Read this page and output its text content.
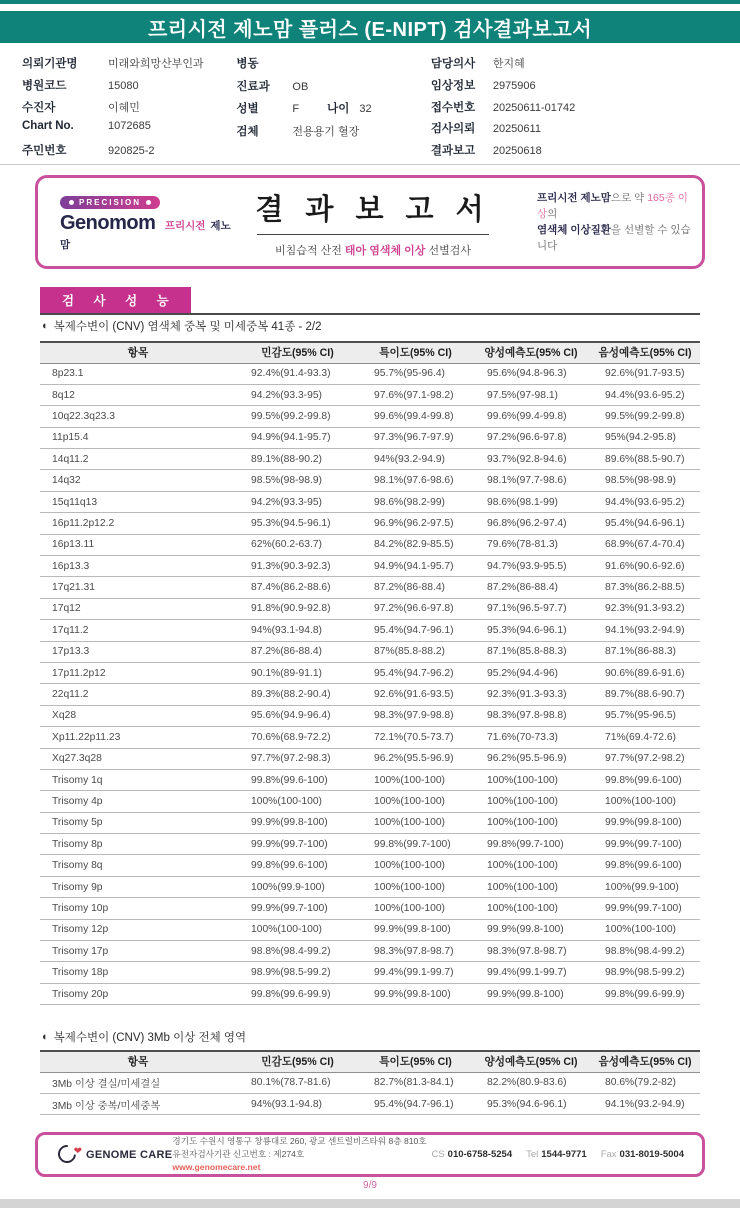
프리시전 제노맘 플러스 (E-NIPT) 검사결과보고서
의뢰기관명	미래와희망산부인과
병원코드	15080
수진자	이혜민
Chart No.	1072685
주민번호	920825-2
병동
진료과	OB
성별	F 나이 32
검체	전용용기 혈장
담당의사	한지혜
임상정보	2975906
접수번호	20250611-01742
검사의뢰	20250611
결과보고	20250618
PRECISION
Genomom 프리시전 제노맘
결 과 보 고 서
비침습적 산전 태아 염색체 이상 선별검사
프리시전 제노맘으로 약 165종 이상의
염색체 이상질환을 선별할 수 있습니다
검 사 성 능
◐ 복제수변이 (CNV) 염색체 중복 및 미세중복 41종 - 2/2
항목	민감도(95% CI)	특이도(95% CI)	양성예측도(95% CI)	음성예측도(95% CI)
8p23.1	92.4%(91.4-93.3)	95.7%(95-96.4)	95.6%(94.8-96.3)	92.6%(91.7-93.5)
8q12	94.2%(93.3-95)	97.6%(97.1-98.2)	97.5%(97-98.1)	94.4%(93.6-95.2)
10q22.3q23.3	99.5%(99.2-99.8)	99.6%(99.4-99.8)	99.6%(99.4-99.8)	99.5%(99.2-99.8)
11p15.4	94.9%(94.1-95.7)	97.3%(96.7-97.9)	97.2%(96.6-97.8)	95%(94.2-95.8)
14q11.2	89.1%(88-90.2)	94%(93.2-94.9)	93.7%(92.8-94.6)	89.6%(88.5-90.7)
14q32	98.5%(98-98.9)	98.1%(97.6-98.6)	98.1%(97.7-98.6)	98.5%(98-98.9)
15q11q13	94.2%(93.3-95)	98.6%(98.2-99)	98.6%(98.1-99)	94.4%(93.6-95.2)
16p11.2p12.2	95.3%(94.5-96.1)	96.9%(96.2-97.5)	96.8%(96.2-97.4)	95.4%(94.6-96.1)
16p13.11	62%(60.2-63.7)	84.2%(82.9-85.5)	79.6%(78-81.3)	68.9%(67.4-70.4)
16p13.3	91.3%(90.3-92.3)	94.9%(94.1-95.7)	94.7%(93.9-95.5)	91.6%(90.6-92.6)
17q21.31	87.4%(86.2-88.6)	87.2%(86-88.4)	87.2%(86-88.4)	87.3%(86.2-88.5)
17q12	91.8%(90.9-92.8)	97.2%(96.6-97.8)	97.1%(96.5-97.7)	92.3%(91.3-93.2)
17q11.2	94%(93.1-94.8)	95.4%(94.7-96.1)	95.3%(94.6-96.1)	94.1%(93.2-94.9)
17p13.3	87.2%(86-88.4)	87%(85.8-88.2)	87.1%(85.8-88.3)	87.1%(86-88.3)
17p11.2p12	90.1%(89-91.1)	95.4%(94.7-96.2)	95.2%(94.4-96)	90.6%(89.6-91.6)
22q11.2	89.3%(88.2-90.4)	92.6%(91.6-93.5)	92.3%(91.3-93.3)	89.7%(88.6-90.7)
Xq28	95.6%(94.9-96.4)	98.3%(97.9-98.8)	98.3%(97.8-98.8)	95.7%(95-96.5)
Xp11.22p11.23	70.6%(68.9-72.2)	72.1%(70.5-73.7)	71.6%(70-73.3)	71%(69.4-72.6)
Xq27.3q28	97.7%(97.2-98.3)	96.2%(95.5-96.9)	96.2%(95.5-96.9)	97.7%(97.2-98.2)
Trisomy 1q	99.8%(99.6-100)	100%(100-100)	100%(100-100)	99.8%(99.6-100)
Trisomy 4p	100%(100-100)	100%(100-100)	100%(100-100)	100%(100-100)
Trisomy 5p	99.9%(99.8-100)	100%(100-100)	100%(100-100)	99.9%(99.8-100)
Trisomy 8p	99.9%(99.7-100)	99.8%(99.7-100)	99.8%(99.7-100)	99.9%(99.7-100)
Trisomy 8q	99.8%(99.6-100)	100%(100-100)	100%(100-100)	99.8%(99.6-100)
Trisomy 9p	100%(99.9-100)	100%(100-100)	100%(100-100)	100%(99.9-100)
Trisomy 10p	99.9%(99.7-100)	100%(100-100)	100%(100-100)	99.9%(99.7-100)
Trisomy 12p	100%(100-100)	99.9%(99.8-100)	99.9%(99.8-100)	100%(100-100)
Trisomy 17p	98.8%(98.4-99.2)	98.3%(97.8-98.7)	98.3%(97.8-98.7)	98.8%(98.4-99.2)
Trisomy 18p	98.9%(98.5-99.2)	99.4%(99.1-99.7)	99.4%(99.1-99.7)	98.9%(98.5-99.2)
Trisomy 20p	99.8%(99.6-99.9)	99.9%(99.8-100)	99.9%(99.8-100)	99.8%(99.6-99.9)
◐ 복제수변이 (CNV) 3Mb 이상 전체 영역
항목	민감도(95% CI)	특이도(95% CI)	양성예측도(95% CI)	음성예측도(95% CI)
3Mb 이상 결실/미세결실	80.1%(78.7-81.6)	82.7%(81.3-84.1)	82.2%(80.9-83.6)	80.6%(79.2-82)
3Mb 이상 중복/미세중복	94%(93.1-94.8)	95.4%(94.7-96.1)	95.3%(94.6-96.1)	94.1%(93.2-94.9)
❤ GENOME CARE
경기도 수원시 영통구 창룡대로 260, 광교 센트럴비즈타워 8층 810호
유전자검사기관 신고번호 : 제274호
www.genomecare.net
CS 010-6758-5254 Tel 1544-9771 Fax 031-8019-5004
9/9
